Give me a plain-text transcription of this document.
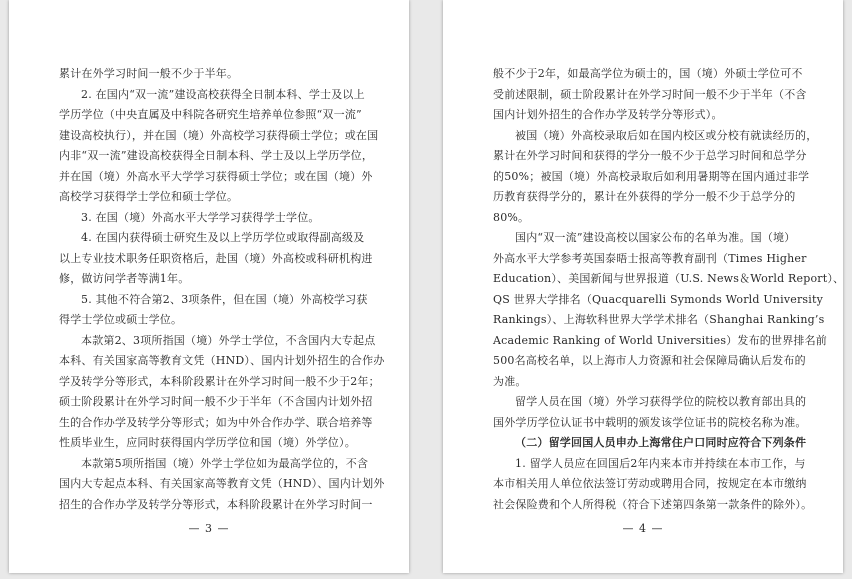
累计在外学习时间一般不少于半年。
2. 在国内“双一流”建设高校获得全日制本科、学士及以上
学历学位（中央直属及中科院各研究生培养单位参照“双一流”
建设高校执行），并在国（境）外高校学习获得硕士学位；或在国
内非“双一流”建设高校获得全日制本科、学士及以上学历学位，
并在国（境）外高水平大学学习获得硕士学位；或在国（境）外
高校学习获得学士学位和硕士学位。
3. 在国（境）外高水平大学学习获得学士学位。
4. 在国内获得硕士研究生及以上学历学位或取得副高级及
以上专业技术职务任职资格后，赴国（境）外高校或科研机构进
修，做访问学者等满1年。
5. 其他不符合第2、3项条件，但在国（境）外高校学习获
得学士学位或硕士学位。
本款第2、3项所指国（境）外学士学位，不含国内大专起点
本科、有关国家高等教育文凭（HND）、国内计划外招生的合作办
学及转学分等形式，本科阶段累计在外学习时间一般不少于2年；
硕士阶段累计在外学习时间一般不少于半年（不含国内计划外招
生的合作办学及转学分等形式；如为中外合作办学、联合培养等
性质毕业生，应同时获得国内学历学位和国（境）外学位）。
本款第5项所指国（境）外学士学位如为最高学位的，不含
国内大专起点本科、有关国家高等教育文凭（HND）、国内计划外
招生的合作办学及转学分等形式，本科阶段累计在外学习时间一
— 3 —
般不少于2年，如最高学位为硕士的，国（境）外硕士学位可不
受前述限制，硕士阶段累计在外学习时间一般不少于半年（不含
国内计划外招生的合作办学及转学分等形式）。
被国（境）外高校录取后如在国内校区或分校有就读经历的，
累计在外学习时间和获得的学分一般不少于总学习时间和总学分
的50%；被国（境）外高校录取后如利用暑期等在国内通过非学
历教育获得学分的，累计在外获得的学分一般不少于总学分的
80%。
国内“双一流”建设高校以国家公布的名单为准。国（境）
外高水平大学参考英国泰晤士报高等教育副刊（Times Higher
Education）、美国新闻与世界报道（U.S. News＆World Report）、
QS 世界大学排名（Quacquarelli Symonds World University
Rankings）、上海软科世界大学学术排名（Shanghai Ranking’s
Academic Ranking of World Universities）发布的世界排名前
500名高校名单，以上海市人力资源和社会保障局确认后发布的
为准。
留学人员在国（境）外学习获得学位的院校以教育部出具的
国外学历学位认证书中载明的颁发该学位证书的院校名称为准。
（二）留学回国人员申办上海常住户口同时应符合下列条件
1. 留学人员应在回国后2年内来本市并持续在本市工作，与
本市相关用人单位依法签订劳动或聘用合同，按规定在本市缴纳
社会保险费和个人所得税（符合下述第四条第一款条件的除外）。
— 4 —
